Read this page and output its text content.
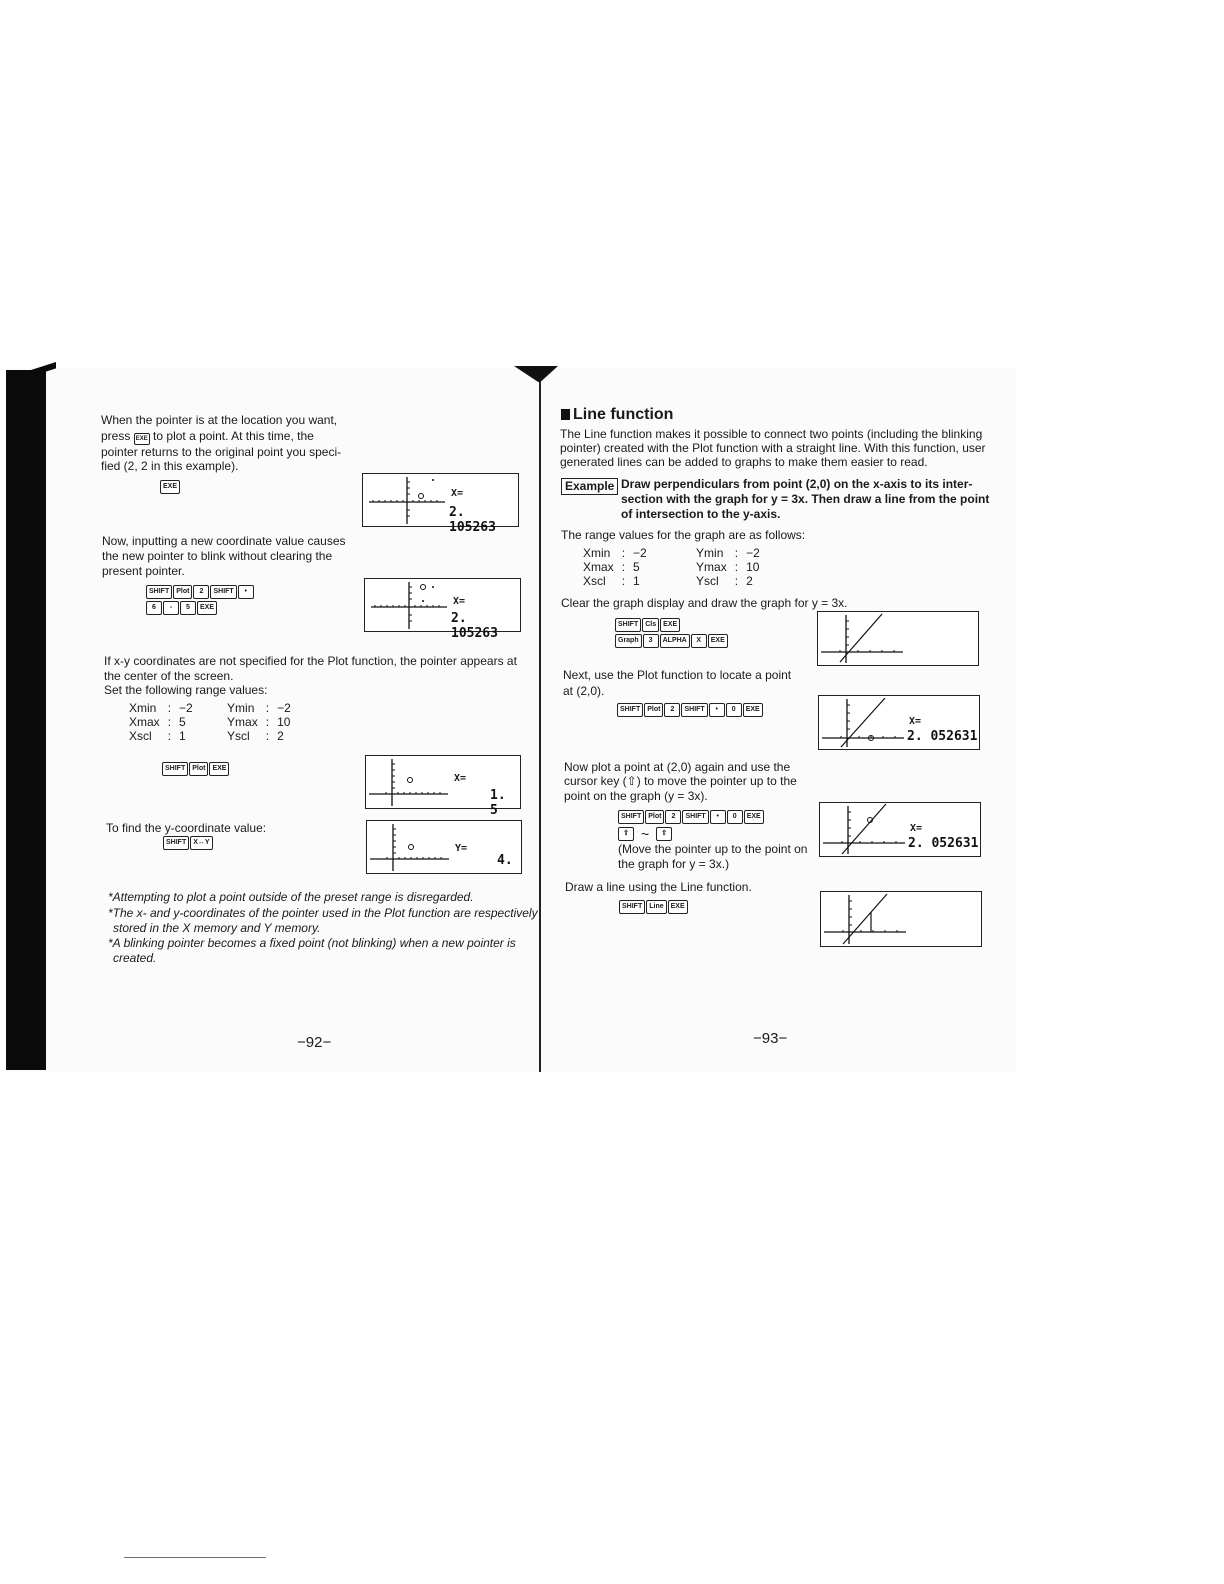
When the pointer is at the location you want,
press EXE to plot a point. At this time, the
pointer returns to the original point you speci-
fied (2, 2 in this example).
EXE
X=
2. 105263
Now, inputting a new coordinate value causes
the new pointer to blink without clearing the
present pointer.
SHIFT	Plot	2	SHIFT	•
6	-	5	EXE
X=
2. 105263
If x-y coordinates are not specified for the Plot function, the pointer appears at
the center of the screen.
Set the following range values:
Xmin	:	−2	Ymin	:	−2
Xmax	:	5	Ymax	:	10
Xscl	:	1	Yscl	:	2
SHIFT	Plot	EXE
X=
1. 5
To find the y-coordinate value:
SHIFT	X↔Y
Y=
4.
*Attempting to plot a point outside of the preset range is disregarded.
*The x- and y-coordinates of the pointer used in the Plot function are respectively
stored in the X memory and Y memory.
*A blinking pointer becomes a fixed point (not blinking) when a new pointer is
created.
−92−
Line function
The Line function makes it possible to connect two points (including the blinking
pointer) created with the Plot function with a straight line. With this function, user
generated lines can be added to graphs to make them easier to read.
Example Draw perpendiculars from point (2,0) on the x-axis to its inter-
section with the graph for y = 3x. Then draw a line from the point
of intersection to the y-axis.
The range values for the graph are as follows:
Xmin	:	−2	Ymin	:	−2
Xmax	:	5	Ymax	:	10
Xscl	:	1	Yscl	:	2
Clear the graph display and draw the graph for y = 3x.
SHIFT	Cls	EXE
Graph	3	ALPHA	X	EXE
Next, use the Plot function to locate a point
at (2,0).
SHIFT	Plot	2	SHIFT	•	0	EXE
X=
2. 052631
Now plot a point at (2,0) again and use the
cursor key (⇧) to move the pointer up to the
point on the graph (y = 3x).
SHIFT	Plot	2	SHIFT	•	0	EXE
⇧ ~	⇧
(Move the pointer up to the point on
the graph for y = 3x.)
X=
2. 052631
Draw a line using the Line function.
SHIFT	Line	EXE
−93−
